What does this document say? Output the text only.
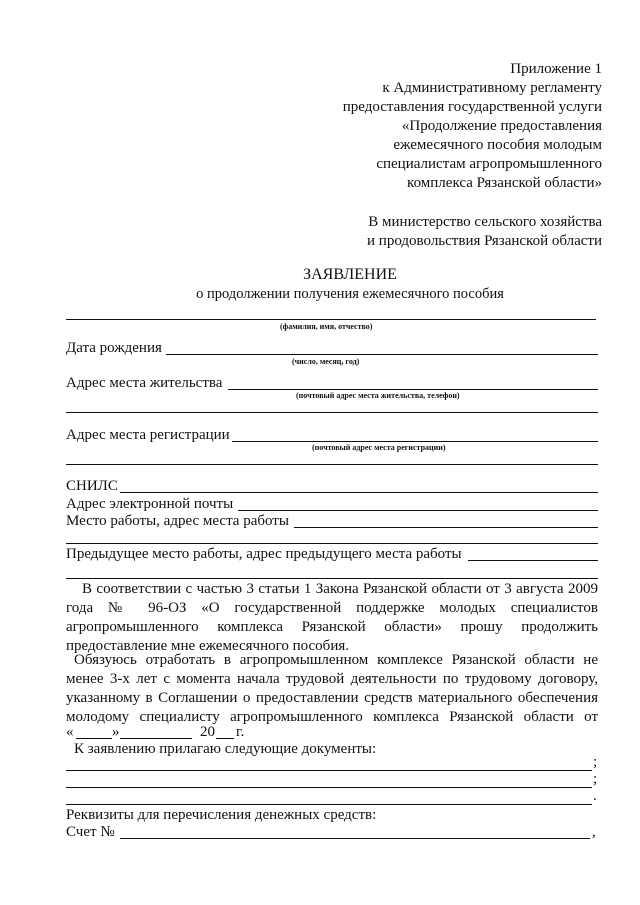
Приложение 1
к Административному регламенту
предоставления государственной услуги
«Продолжение предоставления
ежемесячного пособия молодым
специалистам агропромышленного
комплекса Рязанской области»
В министерство сельского хозяйства
и продовольствия Рязанской области
ЗАЯВЛЕНИЕ
о продолжении получения ежемесячного пособия
(фамилия, имя, отчество)
Дата рождения
(число, месяц, год)
Адрес места жительства
(почтовый адрес места жительства, телефон)
Адрес места регистрации
(почтовый адрес места регистрации)
СНИЛС
Адрес электронной почты
Место работы, адрес места работы
Предыдущее место работы, адрес предыдущего места работы
В соответствии с частью 3 статьи 1 Закона Рязанской области от 3 августа 2009
года № 96-ОЗ «О государственной поддержке молодых специалистов
агропромышленного комплекса Рязанской области» прошу продолжить
предоставление мне ежемесячного пособия.
Обязуюсь отработать в агропромышленном комплексе Рязанской области не
менее 3-х лет с момента начала трудовой деятельности по трудовому договору,
указанному в Соглашении о предоставлении средств материального обеспечения
молодому специалисту агропромышленного комплекса Рязанской области от
«	»	20 г.
К заявлению прилагаю следующие документы:
;
;
.
Реквизиты для перечисления денежных средств:
Счет №	,
